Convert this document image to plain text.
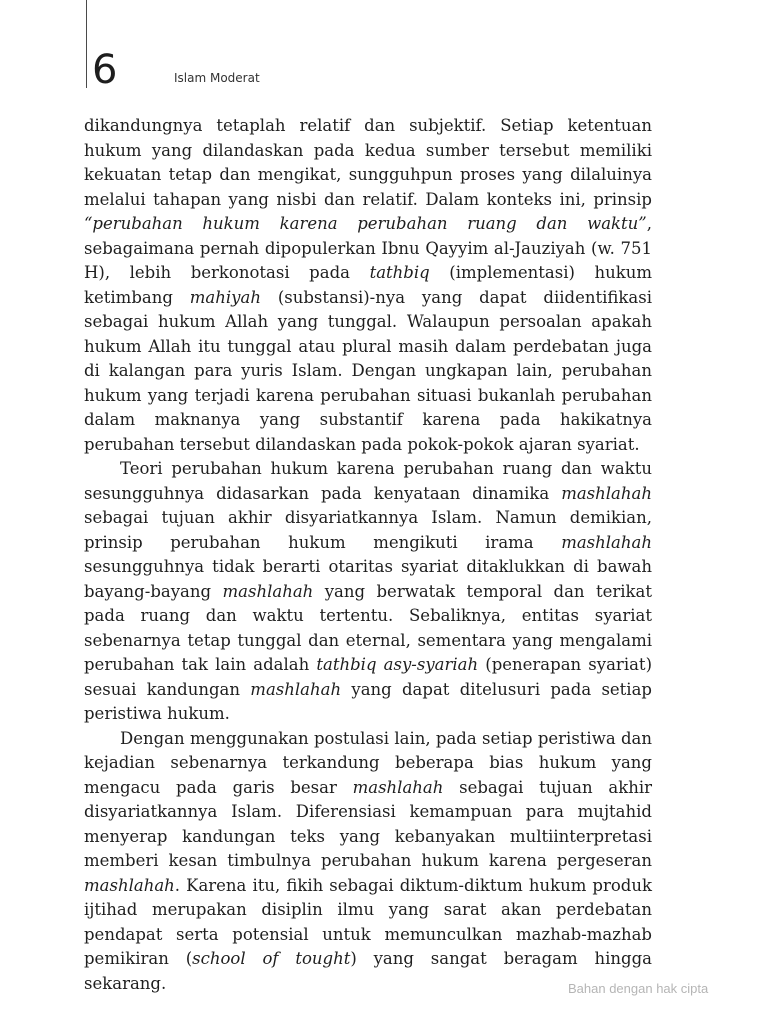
6	Islam Moderat

dikandungnya tetaplah relatif dan subjektif. Setiap ketentuan hukum yang dilandaskan pada kedua sumber tersebut memiliki kekuatan tetap dan mengikat, sungguhpun proses yang dilaluinya melalui tahapan yang nisbi dan relatif. Dalam konteks ini, prinsip “perubahan hukum karena perubahan ruang dan waktu”, sebagaimana pernah dipopulerkan Ibnu Qayyim al-Jauziyah (w. 751 H), lebih berkonotasi pada tathbiq (implementasi) hukum ketimbang mahiyah (substansi)-nya yang dapat diidentifikasi sebagai hukum Allah yang tunggal. Walaupun persoalan apakah hukum Allah itu tunggal atau plural masih dalam perdebatan juga di kalangan para yuris Islam. Dengan ungkapan lain, perubahan hukum yang terjadi karena perubahan situasi bukanlah perubahan dalam maknanya yang substantif karena pada hakikatnya perubahan tersebut dilandaskan pada pokok-pokok ajaran syariat.

Teori perubahan hukum karena perubahan ruang dan waktu sesungguhnya didasarkan pada kenyataan dinamika mashlahah sebagai tujuan akhir disyariatkannya Islam. Namun demikian, prinsip perubahan hukum mengikuti irama mashlahah sesungguhnya tidak berarti otaritas syariat ditaklukkan di bawah bayang-bayang mashlahah yang berwatak temporal dan terikat pada ruang dan waktu tertentu. Sebaliknya, entitas syariat sebenarnya tetap tunggal dan eternal, sementara yang mengalami perubahan tak lain adalah tathbiq asy-syariah (penerapan syariat) sesuai kandungan mashlahah yang dapat ditelusuri pada setiap peristiwa hukum.

Dengan menggunakan postulasi lain, pada setiap peristiwa dan kejadian sebenarnya terkandung beberapa bias hukum yang mengacu pada garis besar mashlahah sebagai tujuan akhir disyariatkannya Islam. Diferensiasi kemampuan para mujtahid menyerap kandungan teks yang kebanyakan multiinterpretasi memberi kesan timbulnya perubahan hukum karena pergeseran mashlahah. Karena itu, fikih sebagai diktum-diktum hukum produk ijtihad merupakan disiplin ilmu yang sarat akan perdebatan pendapat serta potensial untuk memunculkan mazhab-mazhab pemikiran (school of tought) yang sangat beragam hingga sekarang.	Bahan dengan hak cipta
